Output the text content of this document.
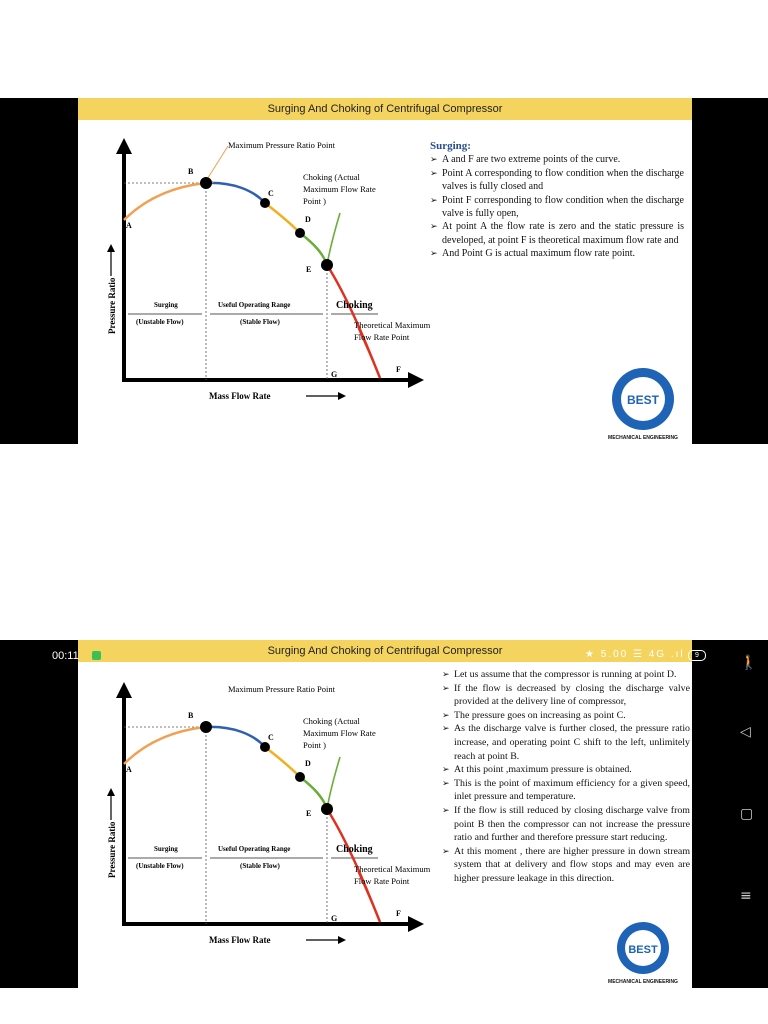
Surging And Choking of Centrifugal Compressor
A
B
C
D
E
F
G
Maximum Pressure Ratio Point
Choking (Actual
Maximum Flow Rate
Point )
Theoretical Maximum
Flow Rate Point
Surging
(Unstable Flow)
Useful Operating Range
(Stable Flow)
Choking
Mass Flow Rate
Pressure Ratio
Surging:
➢ A and F are two extreme points of the curve.
➢ Point A corresponding to flow condition when the discharge valves is fully closed and
➢ Point F corresponding to flow condition when the discharge valve is fully open,
➢ At point A the flow rate is zero and the static pressure is developed, at point F is theoretical maximum flow rate and
➢ And Point G is actual maximum flow rate point.
BEST
MECHANICAL ENGINEERING
Surging And Choking of Centrifugal Compressor
A
B
C
D
E
F
G
Maximum Pressure Ratio Point
Choking (Actual
Maximum Flow Rate
Point )
Theoretical Maximum
Flow Rate Point
Surging
(Unstable Flow)
Useful Operating Range
(Stable Flow)
Choking
Mass Flow Rate
Pressure Ratio
BEST
MECHANICAL ENGINEERING
➢ Let us assume that the compressor is running at point D.
➢ If the flow is decreased by closing the discharge valve provided at the delivery line of compressor,
➢ The pressure goes on increasing as point C.
➢ As the discharge valve is further closed, the pressure ratio increase, and operating point C shift to the left, unlimitely reach at point B.
➢ At this point ,maximum pressure is obtained.
➢ This is the point of maximum efficiency for a given speed, inlet pressure and temperature.
➢ If the flow is still reduced by closing discharge valve from point B then the compressor can not increase the pressure ratio and further and therefore pressure start reducing.
➢ At this moment , there are higher pressure in down stream system that at delivery and flow stops and may even are higher pressure leakage in this direction.
00:11	★ 5.00 ☰ 4G .ıl	9	🚶
◁
▢
≡
